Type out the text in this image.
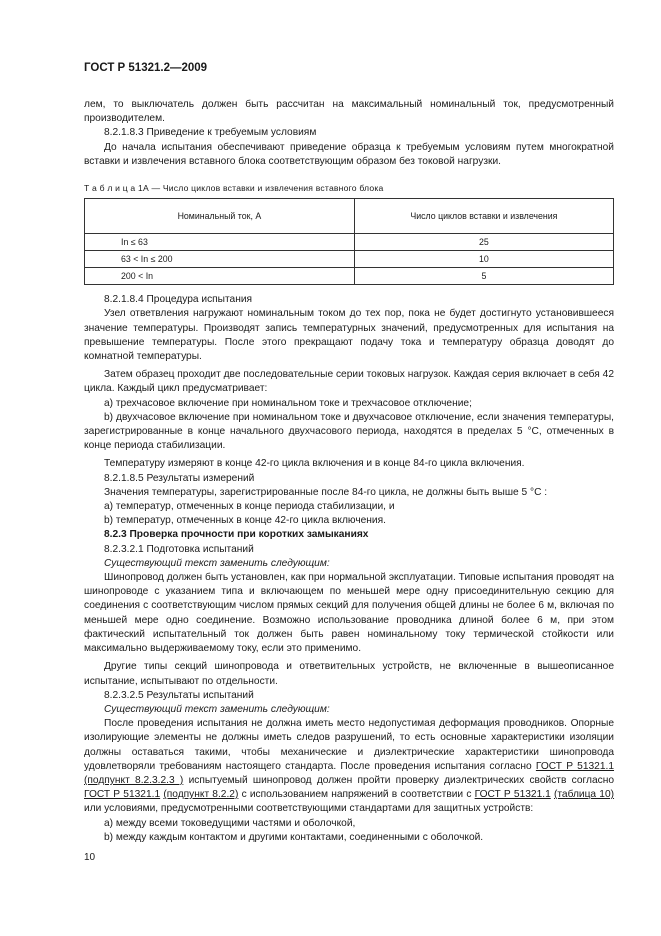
ГОСТ Р 51321.2—2009

лем, то выключатель должен быть рассчитан на максимальный номинальный ток, предусмотренный производителем.

8.2.1.8.3 Приведение к требуемым условиям

До начала испытания обеспечивают приведение образца к требуемым условиям путем многократной вставки и извлечения вставного блока соответствующим образом без токовой нагрузки.

Т а б л и ц а 1А — Число циклов вставки и извлечения вставного блока
Номинальный ток, А	Число циклов вставки и извлечения
In ≤ 63	25
63 < In ≤ 200	10
200 < In	5

8.2.1.8.4 Процедура испытания

Узел ответвления нагружают номинальным током до тех пор, пока не будет достигнуто установившееся значение температуры. Производят запись температурных значений, предусмотренных для испытания на превышение температуры. После этого прекращают подачу тока и температуру образца доводят до комнатной температуры.

Затем образец проходит две последовательные серии токовых нагрузок. Каждая серия включает в себя 42 цикла. Каждый цикл предусматривает:

a) трехчасовое включение при номинальном токе и трехчасовое отключение;

b) двухчасовое включение при номинальном токе и двухчасовое отключение, если значения температуры, зарегистрированные в конце начального двухчасового периода, находятся в пределах 5 °С, отмеченных в конце периода стабилизации.

Температуру измеряют в конце 42-го цикла включения и в конце 84-го цикла включения.

8.2.1.8.5 Результаты измерений

Значения температуры, зарегистрированные после 84-го цикла, не должны быть выше 5 °С :

a) температур, отмеченных в конце периода стабилизации, и

b) температур, отмеченных в конце 42-го цикла включения.

8.2.3 Проверка прочности при коротких замыканиях

8.2.3.2.1 Подготовка испытаний

Существующий текст заменить следующим:

Шинопровод должен быть установлен, как при нормальной эксплуатации. Типовые испытания проводят на шинопроводе с указанием типа и включающем по меньшей мере одну присоединительную секцию для соединения с соответствующим числом прямых секций для получения общей длины не более 6 м, включая по меньшей мере одно соединение. Возможно использование проводника длиной более 6 м, при этом фактический испытательный ток должен быть равен номинальному току термической стойкости или максимально выдерживаемому току, если это применимо.

Другие типы секций шинопровода и ответвительных устройств, не включенные в вышеописанное испытание, испытывают по отдельности.

8.2.3.2.5 Результаты испытаний

Существующий текст заменить следующим:

После проведения испытания не должна иметь место недопустимая деформация проводников. Опорные изолирующие элементы не должны иметь следов разрушений, то есть основные характеристики изоляции должны оставаться такими, чтобы механические и диэлектрические характеристики шинопровода удовлетворяли требованиям настоящего стандарта. После проведения испытания согласно ГОСТ Р 51321.1 (подпункт 8.2.3.2.3 ) испытуемый шинопровод должен пройти проверку диэлектрических свойств согласно ГОСТ Р 51321.1 (подпункт 8.2.2) с использованием напряжений в соответствии с ГОСТ Р 51321.1 (таблица 10) или условиями, предусмотренными соответствующими стандартами для защитных устройств:

a) между всеми токоведущими частями и оболочкой,

b) между каждым контактом и другими контактами, соединенными с оболочкой.

10
